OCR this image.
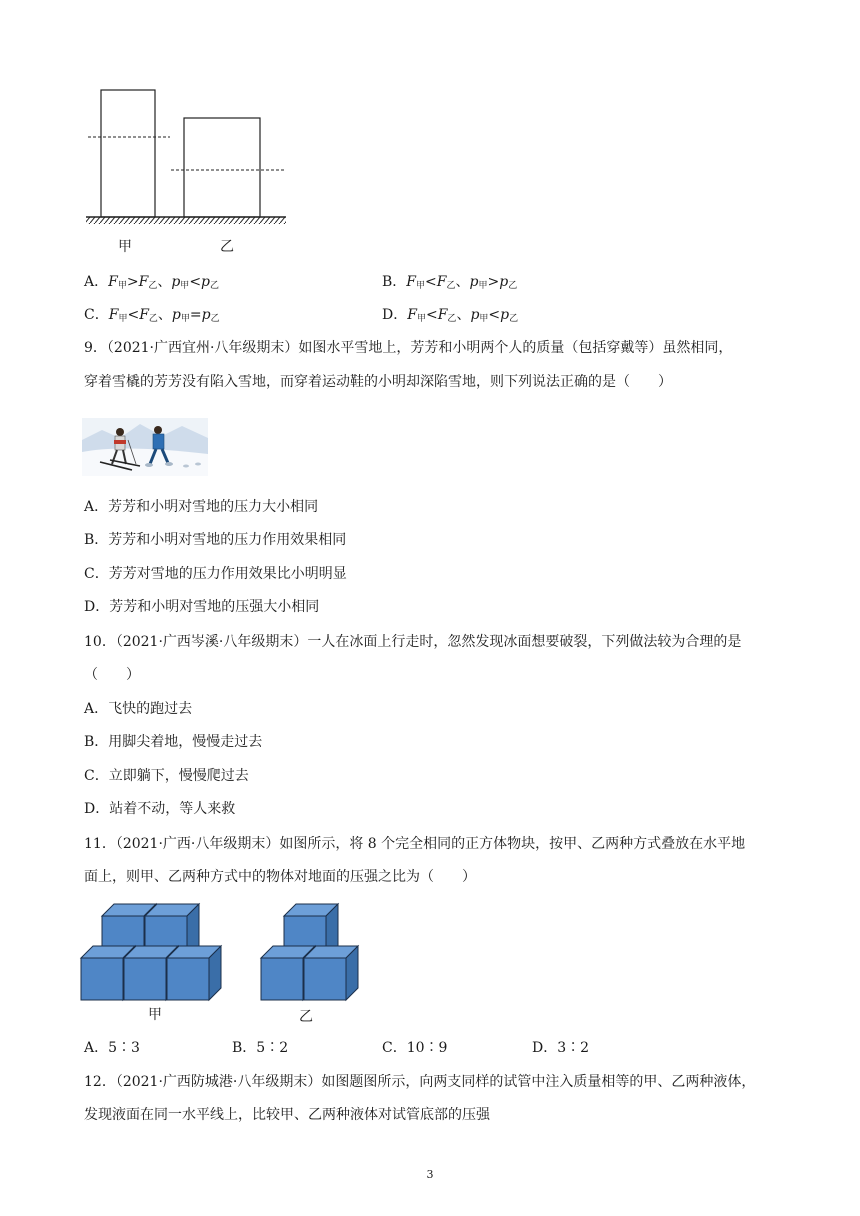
甲	乙
A．$F_甲>F_乙$、$p_甲<p_乙$	B．$F_甲<F_乙$、$p_甲>p_乙$
C．$F_甲<F_乙$、$p_甲=p_乙$	D．$F_甲<F_乙$、$p_甲<p_乙$
9．（2021·广西宜州·八年级期末）如图水平雪地上，芳芳和小明两个人的质量（包括穿戴等）虽然相同，
穿着雪橇的芳芳没有陷入雪地，而穿着运动鞋的小明却深陷雪地，则下列说法正确的是（　　）
A．芳芳和小明对雪地的压力大小相同
B．芳芳和小明对雪地的压力作用效果相同
C．芳芳对雪地的压力作用效果比小明明显
D．芳芳和小明对雪地的压强大小相同
10．（2021·广西岑溪·八年级期末）一人在冰面上行走时，忽然发现冰面想要破裂，下列做法较为合理的是
（　　）
A．飞快的跑过去
B．用脚尖着地，慢慢走过去
C．立即躺下，慢慢爬过去
D．站着不动，等人来救
11．（2021·广西·八年级期末）如图所示，将 8 个完全相同的正方体物块，按甲、乙两种方式叠放在水平地
面上，则甲、乙两种方式中的物体对地面的压强之比为（　　）
甲	乙
A．5∶3	B．5∶2	C．10∶9	D．3∶2
12．（2021·广西防城港·八年级期末）如图题图所示，向两支同样的试管中注入质量相等的甲、乙两种液体，
发现液面在同一水平线上，比较甲、乙两种液体对试管底部的压强
3
